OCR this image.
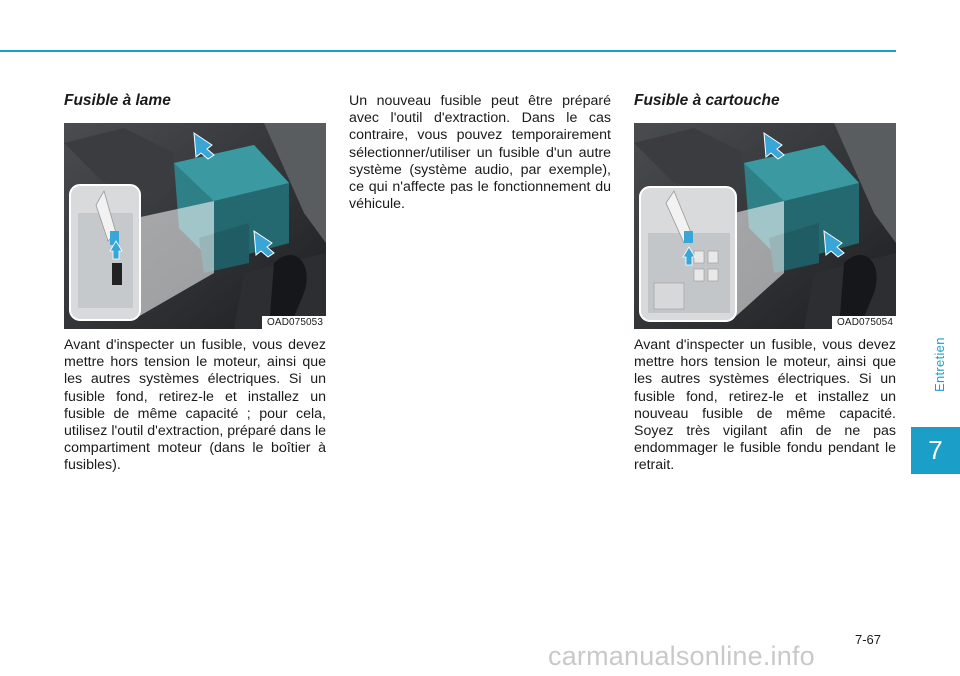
Fusible à lame
OAD075053

Avant d'inspecter un fusible, vous devez mettre hors tension le moteur, ainsi que les autres systèmes électriques. Si un fusible fond, retirez-le et installez un fusible de même capacité ; pour cela, utilisez l'outil d'extraction, préparé dans le compartiment moteur (dans le boîtier à fusibles).

Un nouveau fusible peut être préparé avec l'outil d'extraction. Dans le cas contraire, vous pouvez temporairement sélectionner/utiliser un fusible d'un autre système (système audio, par exemple), ce qui n'affecte pas le fonctionnement du véhicule.

Fusible à cartouche
OAD075054

Avant d'inspecter un fusible, vous devez mettre hors tension le moteur, ainsi que les autres systèmes électriques. Si un fusible fond, retirez-le et installez un nouveau fusible de même capacité. Soyez très vigilant afin de ne pas endommager le fusible fondu pendant le retrait.

Entretien
7
7-67
carmanualsonline.info
